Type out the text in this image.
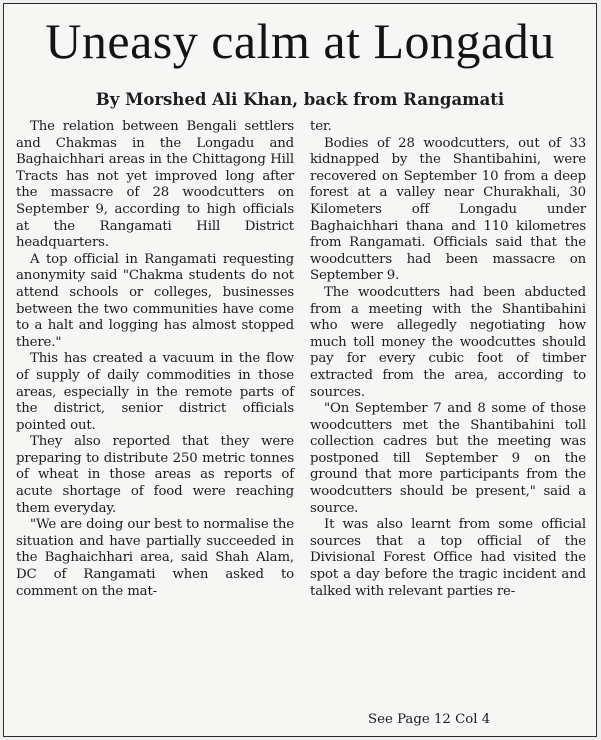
Uneasy calm at Longadu
By Morshed Ali Khan, back from Rangamati

The relation between Bengali settlers and Chakmas in the Longadu and Baghaichhari areas in the Chittagong Hill Tracts has not yet improved long after the massacre of 28 woodcutters on September 9, according to high officials at the Rangamati Hill District headquarters.

A top official in Rangamati requesting anonymity said "Chakma students do not attend schools or colleges, businesses between the two communities have come to a halt and logging has almost stopped there."

This has created a vacuum in the flow of supply of daily commodities in those areas, especially in the remote parts of the district, senior district officials pointed out.

They also reported that they were preparing to distribute 250 metric tonnes of wheat in those areas as reports of acute shortage of food were reaching them everyday.

"We are doing our best to normalise the situation and have partially succeeded in the Baghaichhari area, said Shah Alam, DC of Rangamati when asked to comment on the mat-

ter.

Bodies of 28 woodcutters, out of 33 kidnapped by the Shantibahini, were recovered on September 10 from a deep forest at a valley near Churakhali, 30 Kilometers off Longadu under Baghaichhari thana and 110 kilometres from Rangamati. Officials said that the woodcutters had been massacre on September 9.

The woodcutters had been abducted from a meeting with the Shantibahini who were allegedly negotiating how much toll money the woodcuttes should pay for every cubic foot of timber extracted from the area, according to sources.

"On September 7 and 8 some of those woodcutters met the Shantibahini toll collection cadres but the meeting was postponed till September 9 on the ground that more participants from the woodcutters should be present," said a source.

It was also learnt from some official sources that a top official of the Divisional Forest Office had visited the spot a day before the tragic incident and talked with relevant parties re-

See Page 12 Col 4
